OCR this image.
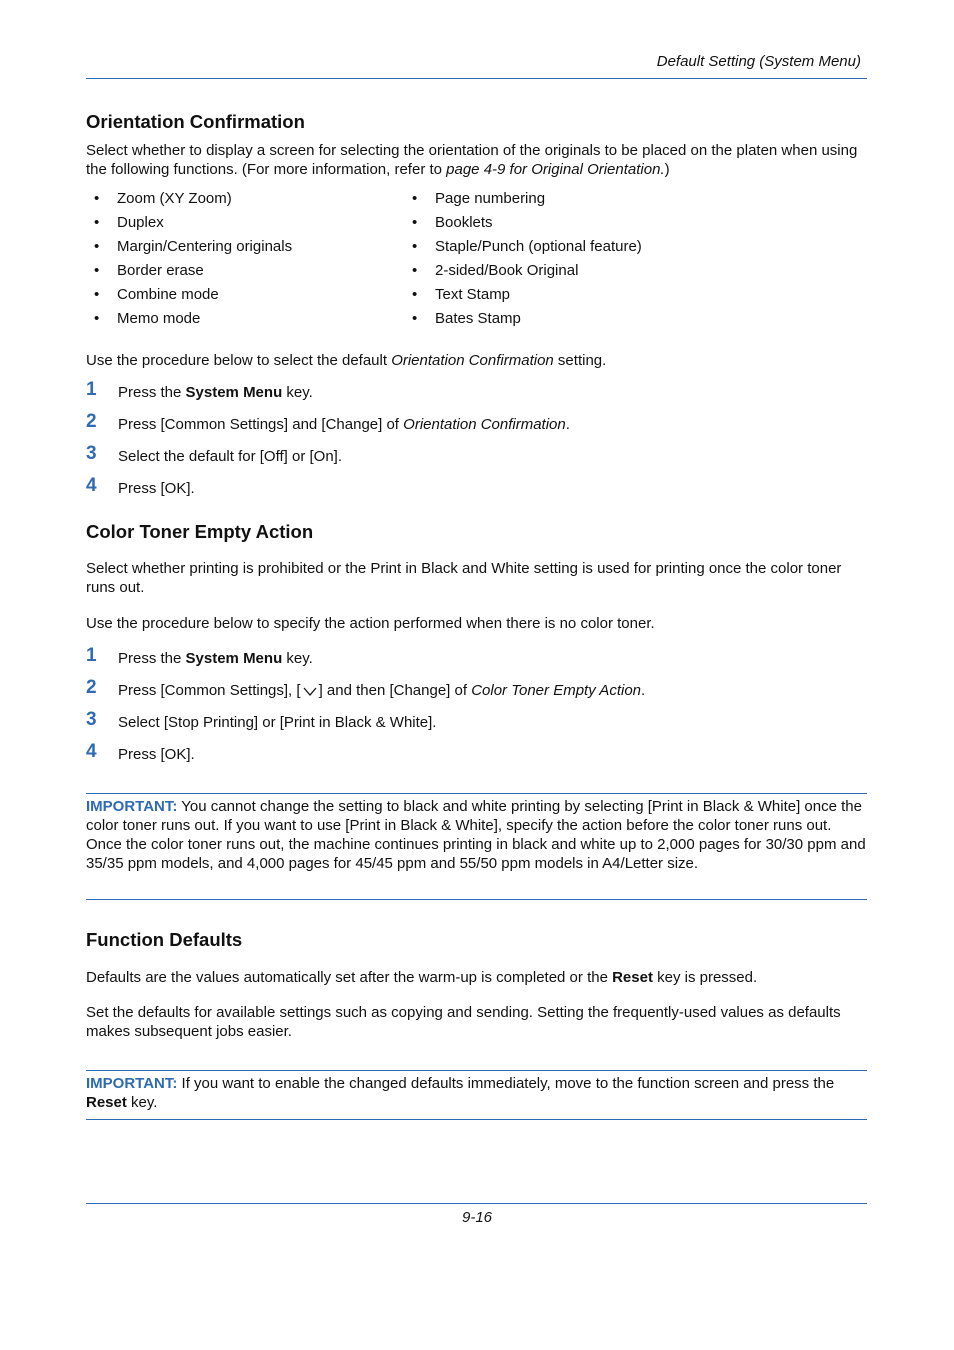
Default Setting (System Menu)
Orientation Confirmation
Select whether to display a screen for selecting the orientation of the originals to be placed on the platen when using the following functions. (For more information, refer to page 4-9 for Original Orientation.)
• Zoom (XY Zoom)
• Duplex
• Margin/Centering originals
• Border erase
• Combine mode
• Memo mode
• Page numbering
• Booklets
• Staple/Punch (optional feature)
• 2-sided/Book Original
• Text Stamp
• Bates Stamp
Use the procedure below to select the default Orientation Confirmation setting.
1 Press the System Menu key.
2 Press [Common Settings] and [Change] of Orientation Confirmation.
3 Select the default for [Off] or [On].
4 Press [OK].
Color Toner Empty Action
Select whether printing is prohibited or the Print in Black and White setting is used for printing once the color toner runs out.
Use the procedure below to specify the action performed when there is no color toner.
1 Press the System Menu key.
2 Press [Common Settings], [ ] and then [Change] of Color Toner Empty Action.
3 Select [Stop Printing] or [Print in Black & White].
4 Press [OK].
IMPORTANT: You cannot change the setting to black and white printing by selecting [Print in Black & White] once the color toner runs out. If you want to use [Print in Black & White], specify the action before the color toner runs out.
Once the color toner runs out, the machine continues printing in black and white up to 2,000 pages for 30/30 ppm and 35/35 ppm models, and 4,000 pages for 45/45 ppm and 55/50 ppm models in A4/Letter size.
Function Defaults
Defaults are the values automatically set after the warm-up is completed or the Reset key is pressed.
Set the defaults for available settings such as copying and sending. Setting the frequently-used values as defaults makes subsequent jobs easier.
IMPORTANT: If you want to enable the changed defaults immediately, move to the function screen and press the Reset key.
9-16
